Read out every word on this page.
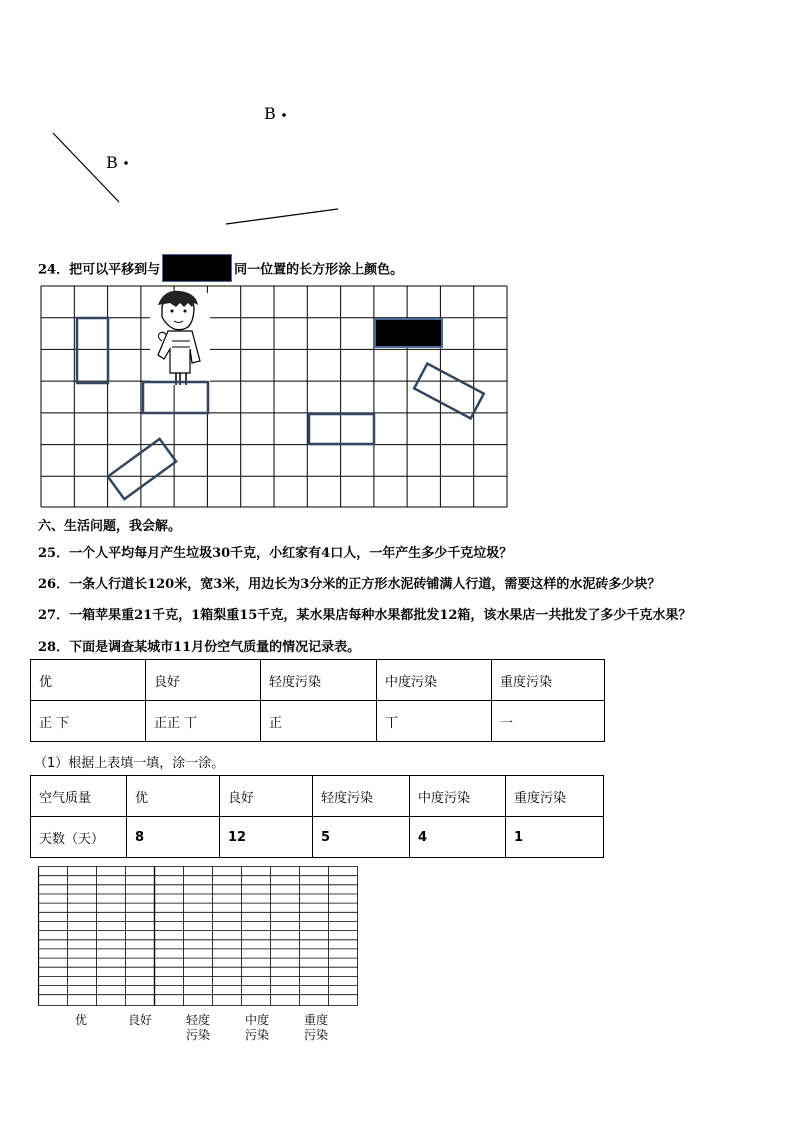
B
B
24．把可以平移到与	同一位置的长方形涂上颜色。
六、生活问题，我会解。
25．一个人平均每月产生垃圾30千克，小红家有4口人，一年产生多少千克垃圾？
26．一条人行道长120米，宽3米，用边长为3分米的正方形水泥砖铺满人行道，需要这样的水泥砖多少块？
27．一箱苹果重21千克，1箱梨重15千克，某水果店每种水果都批发12箱，该水果店一共批发了多少千克水果？
28．下面是调查某城市11月份空气质量的情况记录表。
优	良好	轻度污染	中度污染	重度污染
正 下	正正 丅	正	丅	一
（1）根据上表填一填，涂一涂。
空气质量	优	良好	轻度污染	中度污染	重度污染
天数（天）	8	12	5	4	1
优	良好	轻度
污染
中度
污染
重度
污染
